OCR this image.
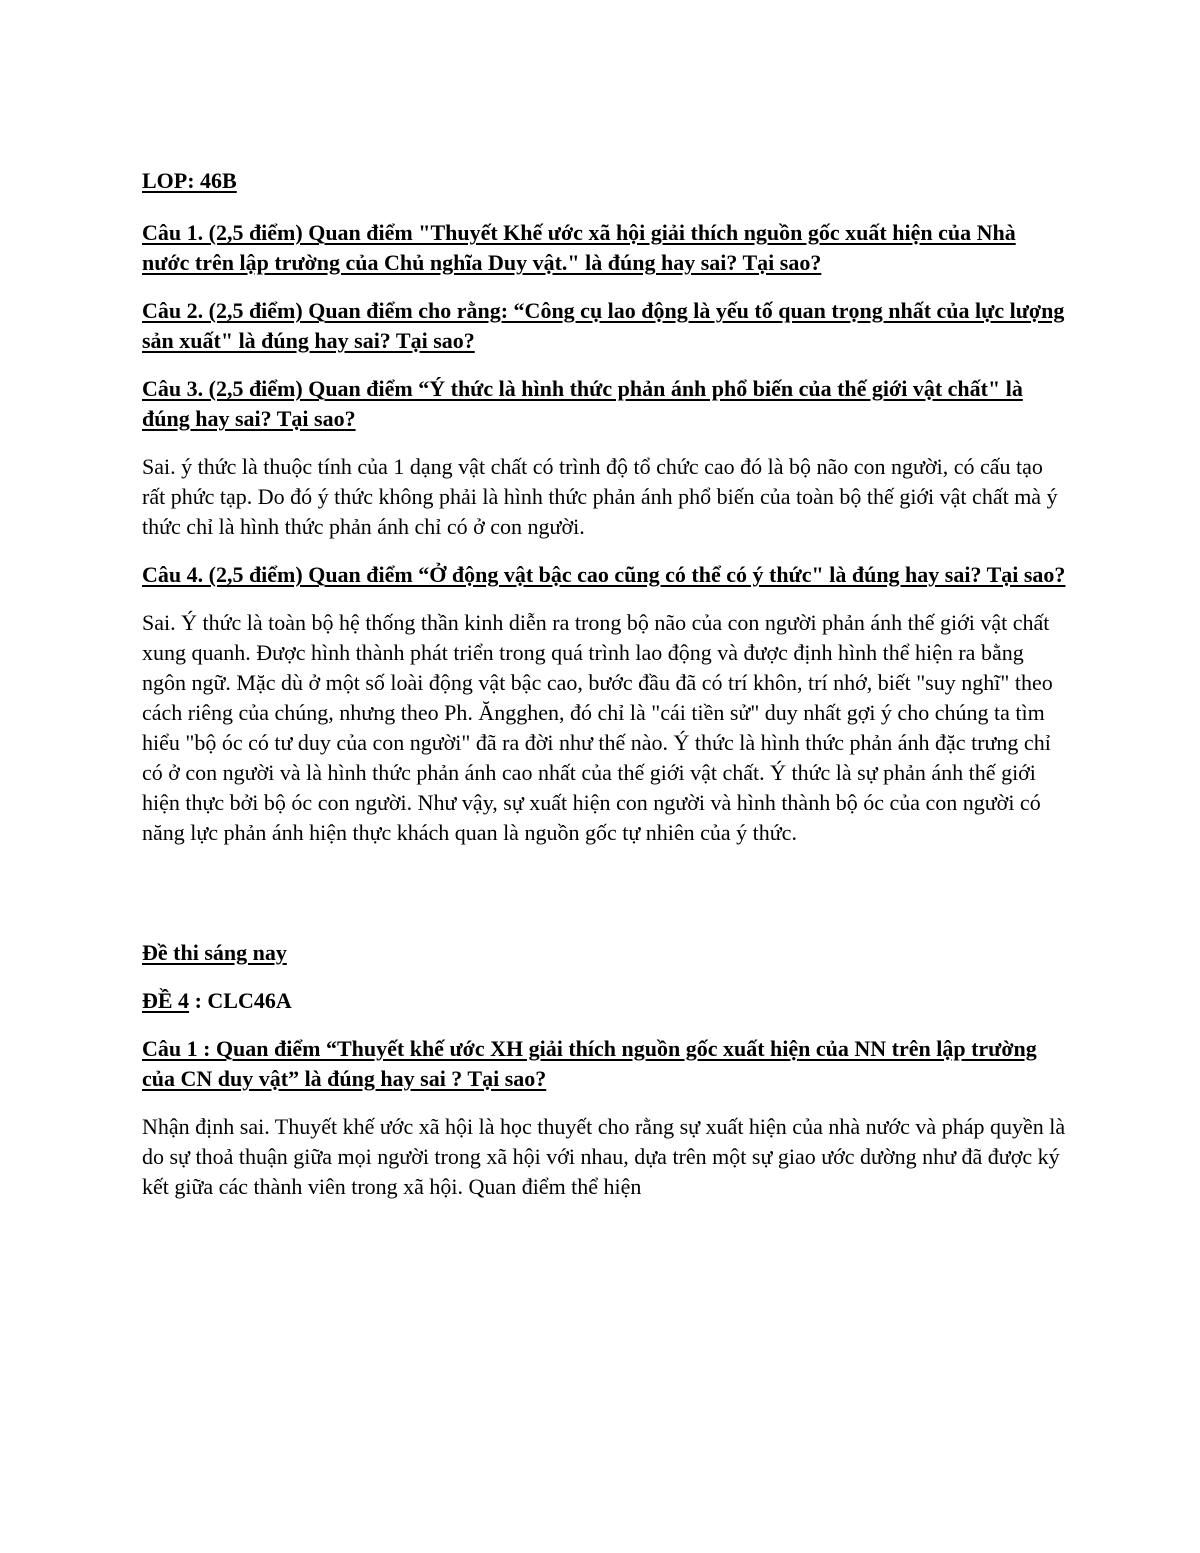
LOP: 46B

Câu 1. (2,5 điểm) Quan điểm "Thuyết Khế ước xã hội giải thích nguồn gốc xuất hiện của Nhà nước trên lập trường của Chủ nghĩa Duy vật." là đúng hay sai? Tại sao?

Câu 2. (2,5 điểm) Quan điểm cho rằng: “Công cụ lao động là yếu tố quan trọng nhất của lực lượng sản xuất" là đúng hay sai? Tại sao?

Câu 3. (2,5 điểm) Quan điểm “Ý thức là hình thức phản ánh phổ biến của thế giới vật chất" là đúng hay sai? Tại sao?

Sai. ý thức là thuộc tính của 1 dạng vật chất có trình độ tổ chức cao đó là bộ não con người, có cấu tạo rất phức tạp. Do đó ý thức không phải là hình thức phản ánh phổ biến của toàn bộ thế giới vật chất mà ý thức chỉ là hình thức phản ánh chỉ có ở con người.

Câu 4. (2,5 điểm) Quan điểm “Ở động vật bậc cao cũng có thể có ý thức" là đúng hay sai? Tại sao?

Sai. Ý thức là toàn bộ hệ thống thần kinh diễn ra trong bộ não của con người phản ánh thế giới vật chất xung quanh. Được hình thành phát triển trong quá trình lao động và được định hình thể hiện ra bằng ngôn ngữ. Mặc dù ở một số loài động vật bậc cao, bước đầu đã có trí khôn, trí nhớ, biết "suy nghĩ" theo cách riêng của chúng, nhưng theo Ph. Ăngghen, đó chỉ là "cái tiền sử" duy nhất gợi ý cho chúng ta tìm hiểu "bộ óc có tư duy của con người" đã ra đời như thế nào. Ý thức là hình thức phản ánh đặc trưng chỉ có ở con người và là hình thức phản ánh cao nhất của thế giới vật chất. Ý thức là sự phản ánh thế giới hiện thực bởi bộ óc con người. Như vậy, sự xuất hiện con người và hình thành bộ óc của con người có năng lực phản ánh hiện thực khách quan là nguồn gốc tự nhiên của ý thức.

Đề thi sáng nay

ĐỀ 4 : CLC46A

Câu 1 : Quan điểm “Thuyết khế ước XH giải thích nguồn gốc xuất hiện của NN trên lập trường của CN duy vật” là đúng hay sai ? Tại sao?

Nhận định sai. Thuyết khế ước xã hội là học thuyết cho rằng sự xuất hiện của nhà nước và pháp quyền là do sự thoả thuận giữa mọi người trong xã hội với nhau, dựa trên một sự giao ước dường như đã được ký kết giữa các thành viên trong xã hội. Quan điểm thể hiện
